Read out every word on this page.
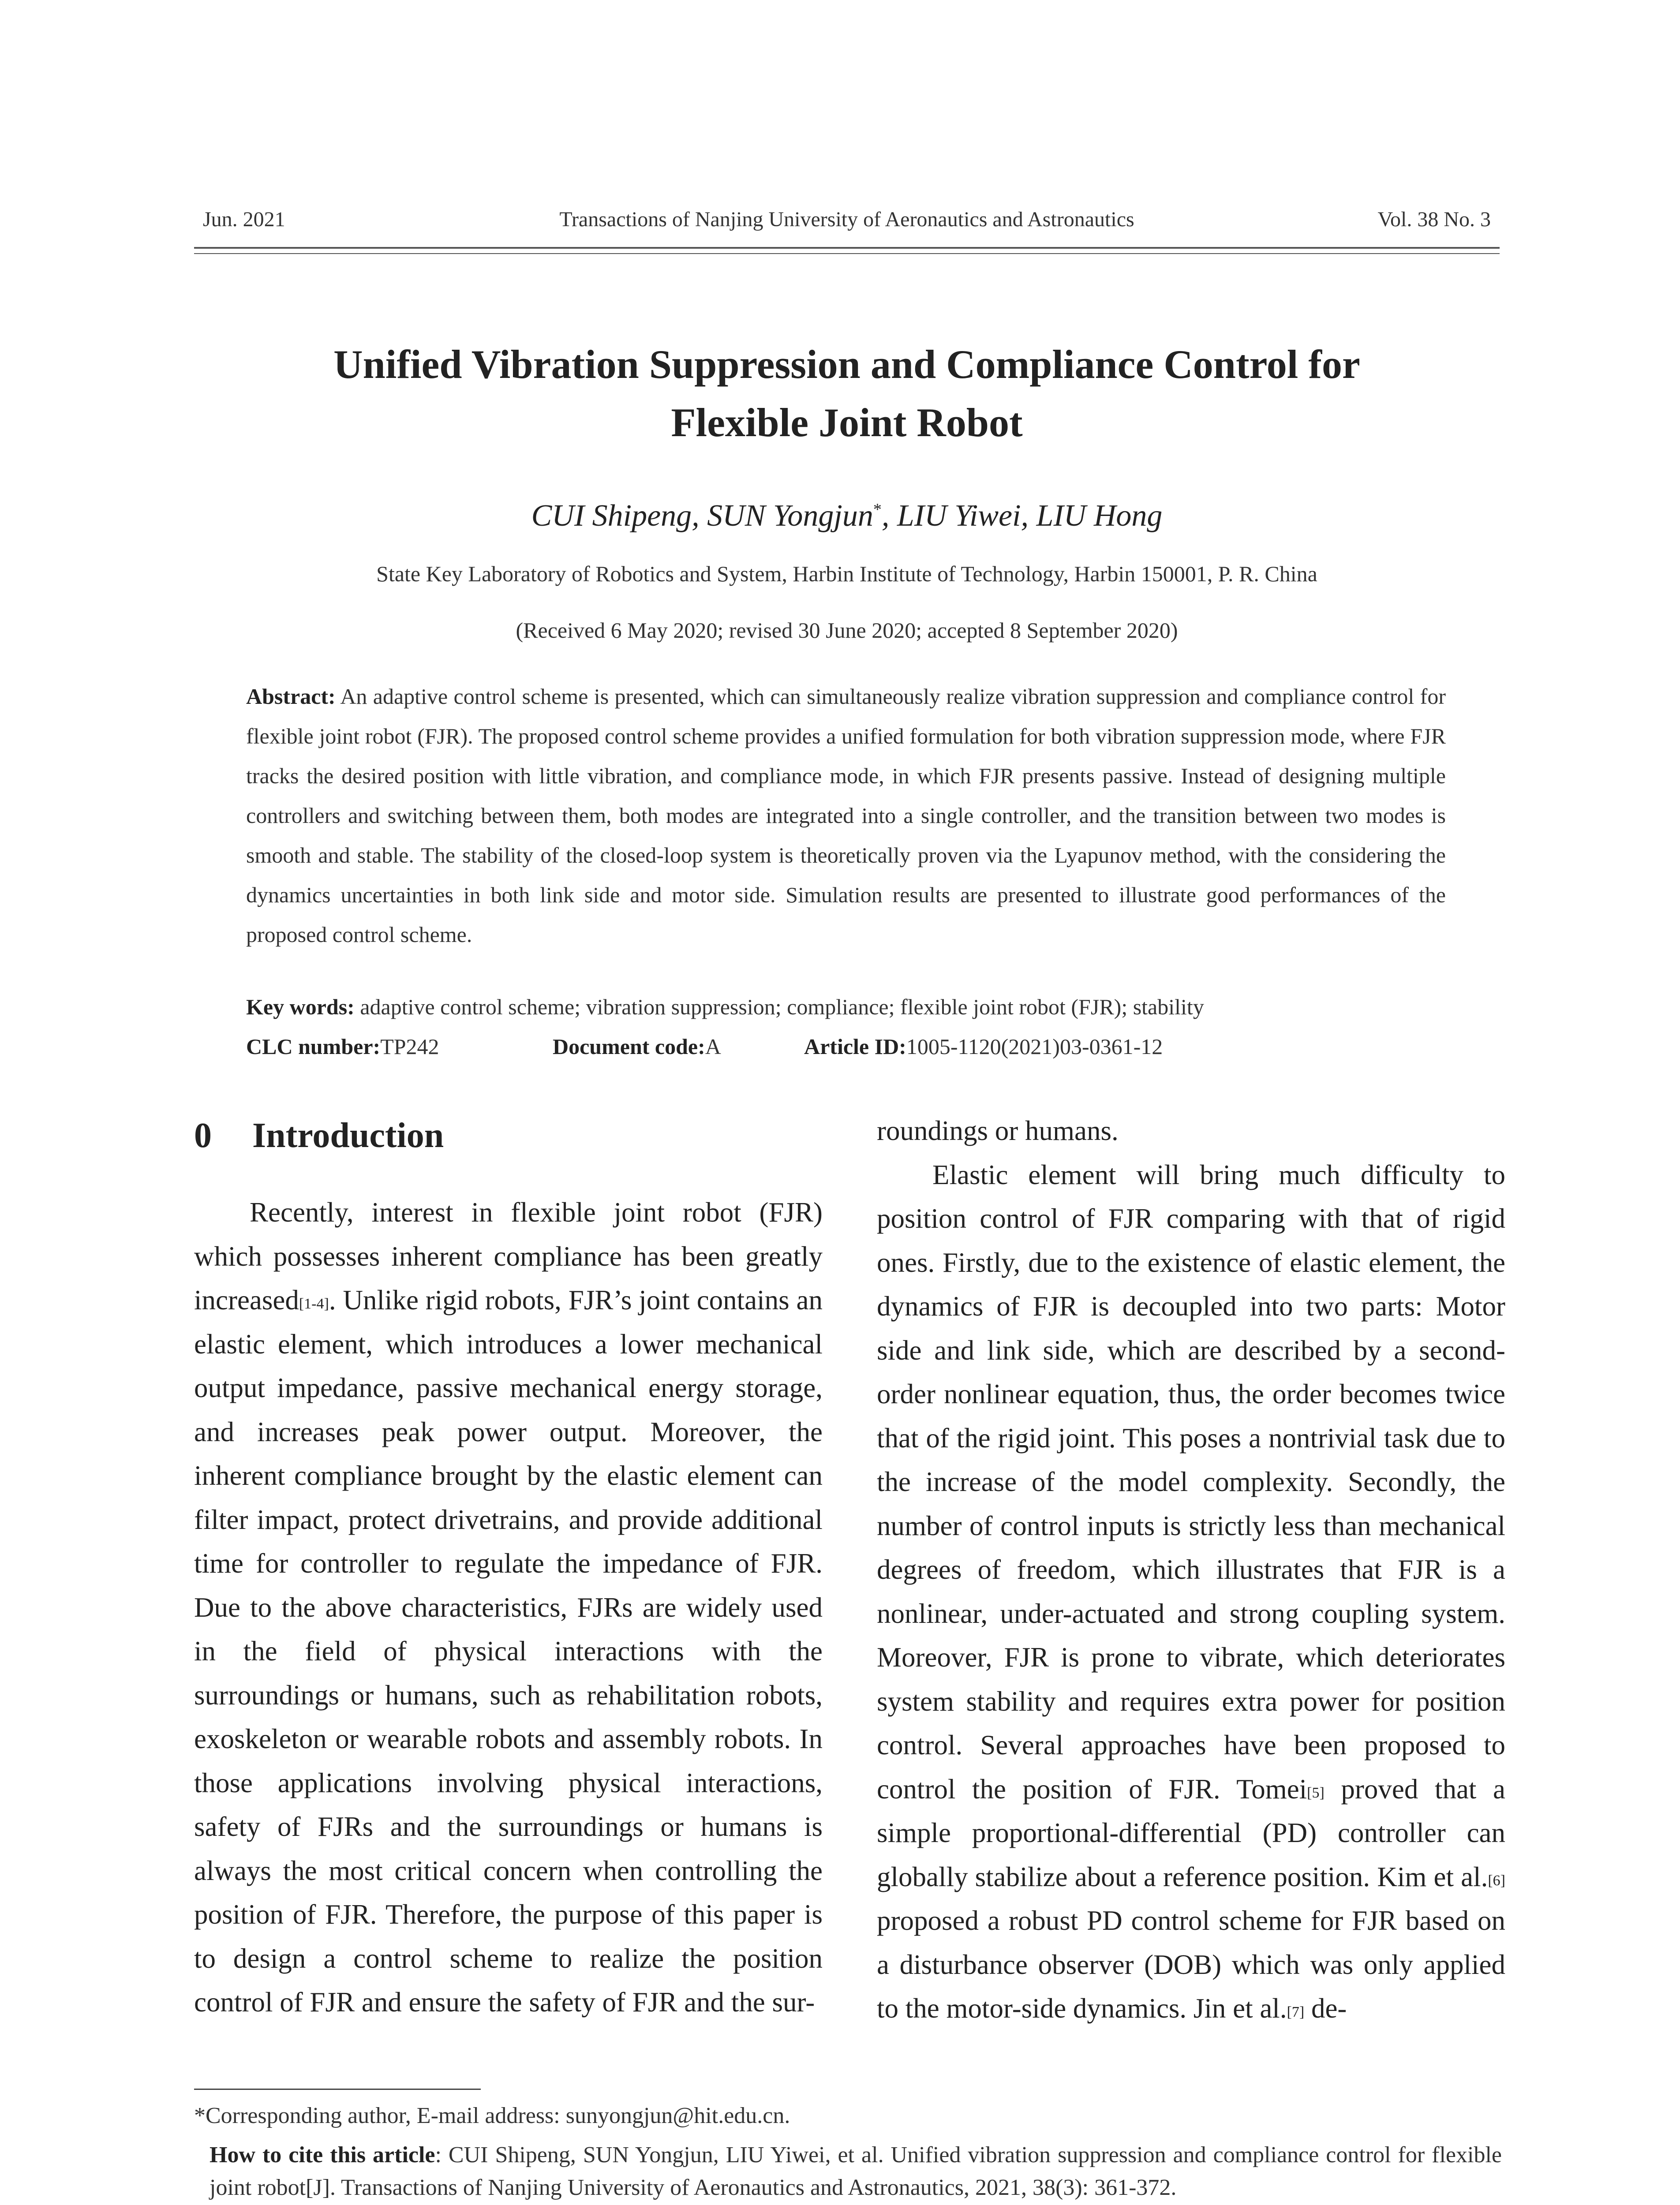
Jun. 2021	Transactions of Nanjing University of Aeronautics and Astronautics	Vol. 38 No. 3
Unified Vibration Suppression and Compliance Control for
Flexible Joint Robot
CUI Shipeng, SUN Yongjun*, LIU Yiwei, LIU Hong
State Key Laboratory of Robotics and System, Harbin Institute of Technology, Harbin 150001, P. R. China
(Received 6 May 2020; revised 30 June 2020; accepted 8 September 2020)
Abstract: An adaptive control scheme is presented, which can simultaneously realize vibration suppression and compliance control for flexible joint robot (FJR). The proposed control scheme provides a unified formulation for both vibration suppression mode, where FJR tracks the desired position with little vibration, and compliance mode, in which FJR presents passive. Instead of designing multiple controllers and switching between them, both modes are integrated into a single controller, and the transition between two modes is smooth and stable. The stability of the closed-loop system is theoretically proven via the Lyapunov method, with the considering the dynamics uncertainties in both link side and motor side. Simulation results are presented to illustrate good performances of the proposed control scheme.
Key words: adaptive control scheme; vibration suppression; compliance; flexible joint robot (FJR); stability
CLC number:TP242	Document code:A	Article ID:1005-1120(2021)03-0361-12
0 Introduction

Recently, interest in flexible joint robot (FJR) which possesses inherent compliance has been greatly increased[1-4]. Unlike rigid robots, FJR’s joint contains an elastic element, which introduces a lower mechanical output impedance, passive mechanical energy storage, and increases peak power output. Moreover, the inherent compliance brought by the elastic element can filter impact, protect drivetrains, and provide additional time for controller to regulate the impedance of FJR. Due to the above characteristics, FJRs are widely used in the field of physical interactions with the surroundings or humans, such as rehabilitation robots, exoskeleton or wearable robots and assembly robots. In those applications involving physical interactions, safety of FJRs and the surroundings or humans is always the most critical concern when controlling the position of FJR. Therefore, the purpose of this paper is to design a control scheme to realize the position control of FJR and ensure the safety of FJR and the sur-

roundings or humans.

Elastic element will bring much difficulty to position control of FJR comparing with that of rigid ones. Firstly, due to the existence of elastic element, the dynamics of FJR is decoupled into two parts: Motor side and link side, which are described by a second-order nonlinear equation, thus, the order becomes twice that of the rigid joint. This poses a nontrivial task due to the increase of the model complexity. Secondly, the number of control inputs is strictly less than mechanical degrees of freedom, which illustrates that FJR is a nonlinear, under-actuated and strong coupling system. Moreover, FJR is prone to vibrate, which deteriorates system stability and requires extra power for position control. Several approaches have been proposed to control the position of FJR. Tomei[5] proved that a simple proportional-differential (PD) controller can globally stabilize about a reference position. Kim et al.[6] proposed a robust PD control scheme for FJR based on a disturbance observer (DOB) which was only applied to the motor-side dynamics. Jin et al.[7] de-

*Corresponding author, E-mail address: sunyongjun@hit.edu.cn.
How to cite this article: CUI Shipeng, SUN Yongjun, LIU Yiwei, et al. Unified vibration suppression and compliance control for flexible joint robot[J]. Transactions of Nanjing University of Aeronautics and Astronautics, 2021, 38(3): 361-372.
